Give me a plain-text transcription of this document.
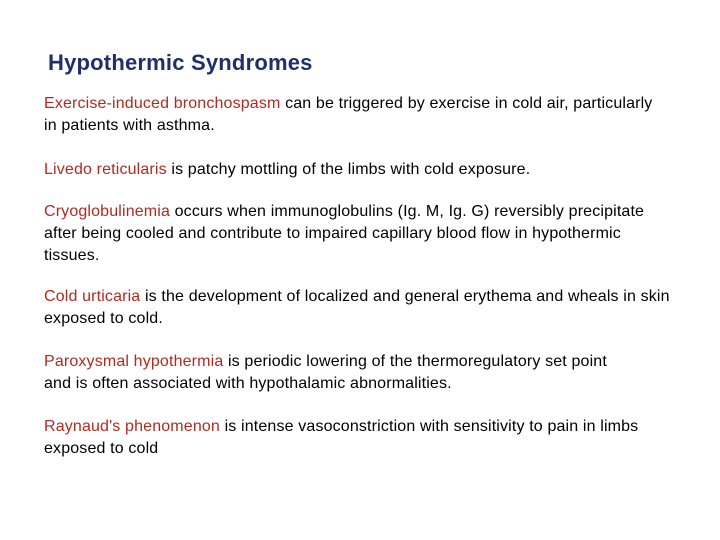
Hypothermic Syndromes

Exercise-induced bronchospasm can be triggered by exercise in cold air, particularly in patients with asthma.

Livedo reticularis is patchy mottling of the limbs with cold exposure.

Cryoglobulinemia occurs when immunoglobulins (Ig. M, Ig. G) reversibly precipitate after being cooled and contribute to impaired capillary blood flow in hypothermic tissues.

Cold urticaria is the development of localized and general erythema and wheals in skin exposed to cold.

Paroxysmal hypothermia is periodic lowering of the thermoregulatory set point and is often associated with hypothalamic abnormalities.

Raynaud's phenomenon is intense vasoconstriction with sensitivity to pain in limbs exposed to cold
